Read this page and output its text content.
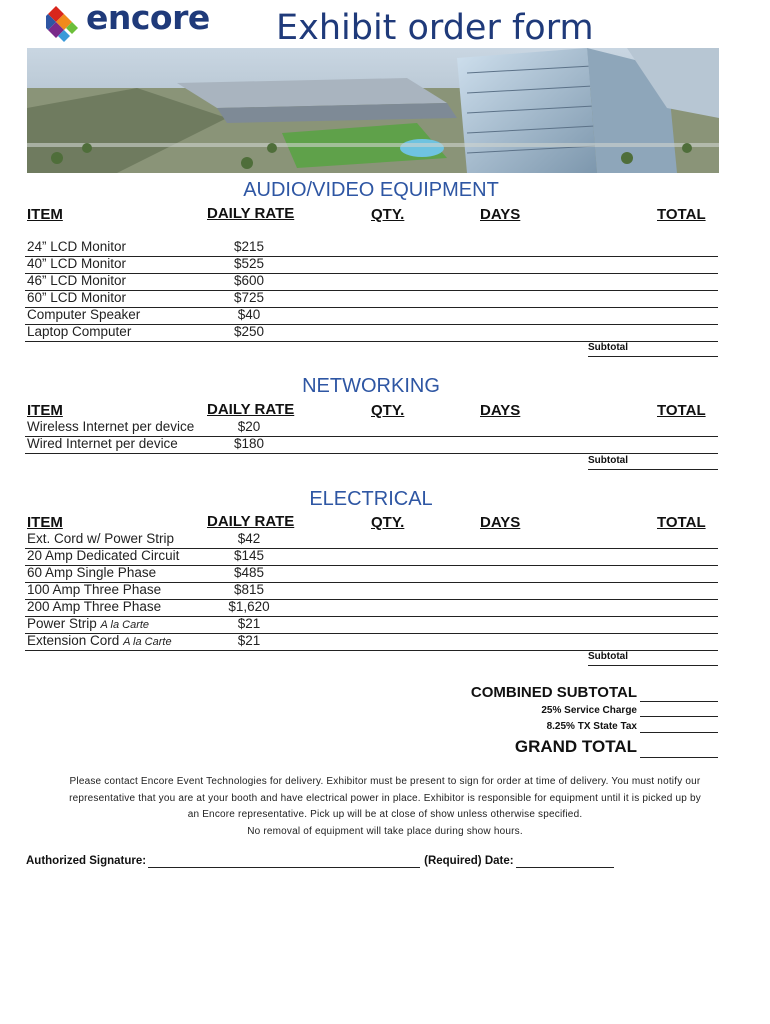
encore Exhibit order form
AUDIO/VIDEO EQUIPMENT
ITEM	DAILY RATE	QTY.	DAYS	TOTAL
24” LCD Monitor	$215
40” LCD Monitor	$525
46” LCD Monitor	$600
60” LCD Monitor	$725
Computer Speaker	$40
Laptop Computer	$250
Subtotal
NETWORKING
ITEM	DAILY RATE	QTY.	DAYS	TOTAL
Wireless Internet per device	$20
Wired Internet per device	$180
Subtotal
ELECTRICAL
ITEM	DAILY RATE	QTY.	DAYS	TOTAL
Ext. Cord w/ Power Strip	$42
20 Amp Dedicated Circuit	$145
60 Amp Single Phase	$485
100 Amp Three Phase	$815
200 Amp Three Phase	$1,620
Power Strip A la Carte	$21
Extension Cord A la Carte	$21
Subtotal
COMBINED SUBTOTAL
25% Service Charge
8.25% TX State Tax
GRAND TOTAL
Please contact Encore Event Technologies for delivery. Exhibitor must be present to sign for order at time of delivery. You must notify our
representative that you are at your booth and have electrical power in place. Exhibitor is responsible for equipment until it is picked up by
an Encore representative. Pick up will be at close of show unless otherwise specified.
No removal of equipment will take place during show hours.
Authorized Signature:	(Required) Date:
